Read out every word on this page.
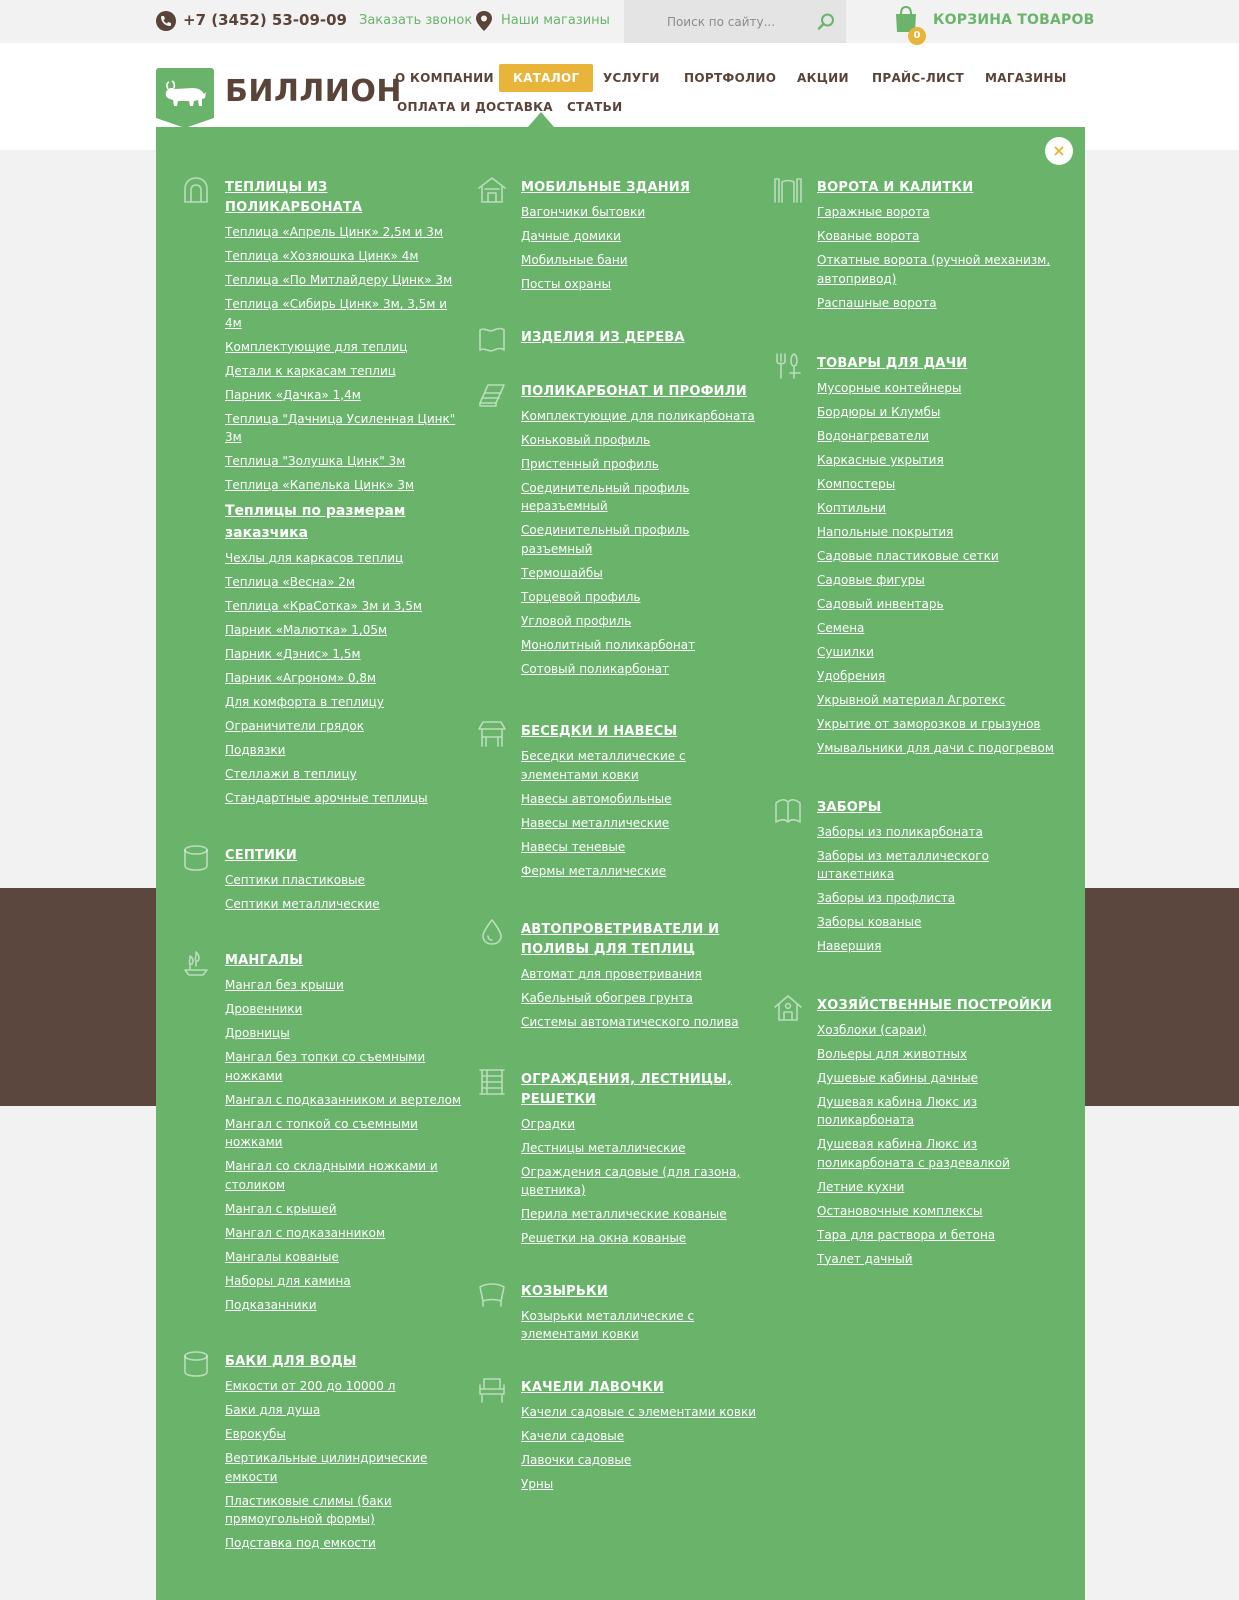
+7 (3452) 53-09-09 Заказать звонок Наши магазины
Поиск по сайту...
0
КОРЗИНА ТОВАРОВ
БИЛЛИОН
О КОМПАНИИ	КАТАЛОГ	УСЛУГИ ПОРТФОЛИО АКЦИИ ПРАЙС-ЛИСТ МАГАЗИНЫ
ОПЛАТА И ДОСТАВКА СТАТЬИ
×
ТЕПЛИЦЫ ИЗ ПОЛИКАРБОНАТА
Теплица «Апрель Цинк» 2,5м и 3м
Теплица «Хозяюшка Цинк» 4м
Теплица «По Митлайдеру Цинк» 3м
Теплица «Сибирь Цинк» 3м, 3,5м и 4м
Комплектующие для теплиц
Детали к каркасам теплиц
Парник «Дачка» 1,4м
Теплица "Дачница Усиленная Цинк" 3м
Теплица "Золушка Цинк" 3м
Теплица «Капелька Цинк» 3м
Теплицы по размерам заказчика
Чехлы для каркасов теплиц
Теплица «Весна» 2м
Теплица «КраСотка» 3м и 3,5м
Парник «Малютка» 1,05м
Парник «Дэнис» 1,5м
Парник «Агроном» 0,8м
Для комфорта в теплицу
Ограничители грядок
Подвязки
Стеллажи в теплицу
Стандартные арочные теплицы
СЕПТИКИ
Септики пластиковые
Септики металлические
МАНГАЛЫ
Мангал без крыши
Дровенники
Дровницы
Мангал без топки со съемными ножками
Мангал с подказанником и вертелом
Мангал с топкой со съемными ножками
Мангал со складными ножками и столиком
Мангал с крышей
Мангал с подказанником
Мангалы кованые
Наборы для камина
Подказанники
БАКИ ДЛЯ ВОДЫ
Емкости от 200 до 10000 л
Баки для душа
Еврокубы
Вертикальные цилиндрические емкости
Пластиковые слимы (баки прямоугольной формы)
Подставка под емкости
МОБИЛЬНЫЕ ЗДАНИЯ
Вагончики бытовки
Дачные домики
Мобильные бани
Посты охраны
ИЗДЕЛИЯ ИЗ ДЕРЕВА
ПОЛИКАРБОНАТ И ПРОФИЛИ
Комплектующие для поликарбоната
Коньковый профиль
Пристенный профиль
Соединительный профиль неразъемный
Соединительный профиль разъемный
Термошайбы
Торцевой профиль
Угловой профиль
Монолитный поликарбонат
Сотовый поликарбонат
БЕСЕДКИ И НАВЕСЫ
Беседки металлические с элементами ковки
Навесы автомобильные
Навесы металлические
Навесы теневые
Фермы металлические
АВТОПРОВЕТРИВАТЕЛИ И ПОЛИВЫ ДЛЯ ТЕПЛИЦ
Автомат для проветривания
Кабельный обогрев грунта
Системы автоматического полива
ОГРАЖДЕНИЯ, ЛЕСТНИЦЫ, РЕШЕТКИ
Оградки
Лестницы металлические
Ограждения садовые (для газона, цветника)
Перила металлические кованые
Решетки на окна кованые
КОЗЫРЬКИ
Козырьки металлические с элементами ковки
КАЧЕЛИ ЛАВОЧКИ
Качели садовые с элементами ковки
Качели садовые
Лавочки садовые
Урны
ВОРОТА И КАЛИТКИ
Гаражные ворота
Кованые ворота
Откатные ворота (ручной механизм, автопривод)
Распашные ворота
ТОВАРЫ ДЛЯ ДАЧИ
Мусорные контейнеры
Бордюры и Клумбы
Водонагреватели
Каркасные укрытия
Компостеры
Коптильни
Напольные покрытия
Садовые пластиковые сетки
Садовые фигуры
Садовый инвентарь
Семена
Сушилки
Удобрения
Укрывной материал Агротекс
Укрытие от заморозков и грызунов
Умывальники для дачи с подогревом
ЗАБОРЫ
Заборы из поликарбоната
Заборы из металлического штакетника
Заборы из профлиста
Заборы кованые
Навершия
ХОЗЯЙСТВЕННЫЕ ПОСТРОЙКИ
Хозблоки (сараи)
Вольеры для животных
Душевые кабины дачные
Душевая кабина Люкс из поликарбоната
Душевая кабина Люкс из поликарбоната с раздевалкой
Летние кухни
Остановочные комплексы
Тара для раствора и бетона
Туалет дачный
